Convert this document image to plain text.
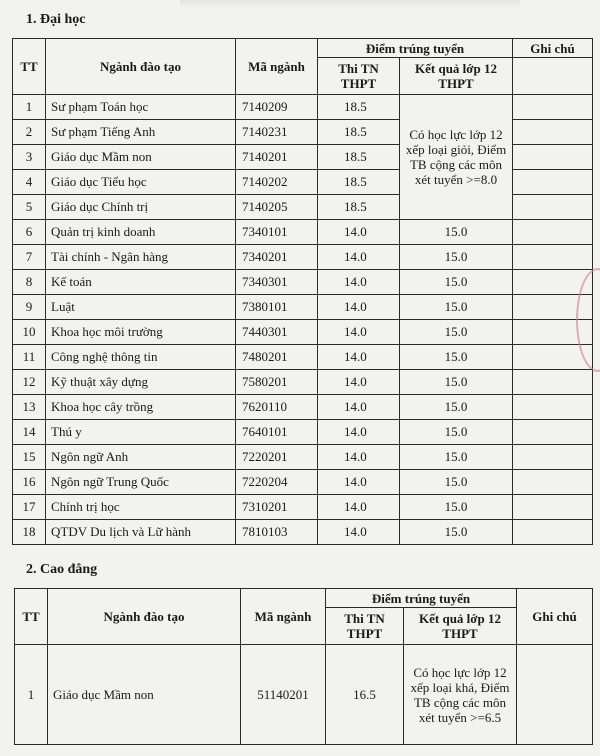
1. Đại học
TT	Ngành đào tạo	Mã ngành	Điểm trúng tuyển		Ghi chú
			Thi TN THPT	Kết quả lớp 12 THPT	
1	Sư phạm Toán học	7140209	18.5	Có học lực lớp 12 xếp loại giỏi, Điểm TB cộng các môn xét tuyển >=8.0	
2	Sư phạm Tiếng Anh	7140231	18.5		
3	Giáo dục Mầm non	7140201	18.5		
4	Giáo dục Tiểu học	7140202	18.5		
5	Giáo dục Chính trị	7140205	18.5		
6	Quản trị kinh doanh	7340101	14.0	15.0	
7	Tài chính - Ngân hàng	7340201	14.0	15.0	
8	Kế toán	7340301	14.0	15.0	
9	Luật	7380101	14.0	15.0	
10	Khoa học môi trường	7440301	14.0	15.0	
11	Công nghệ thông tin	7480201	14.0	15.0	
12	Kỹ thuật xây dựng	7580201	14.0	15.0	
13	Khoa học cây trồng	7620110	14.0	15.0	
14	Thú y	7640101	14.0	15.0	
15	Ngôn ngữ Anh	7220201	14.0	15.0	
16	Ngôn ngữ Trung Quốc	7220204	14.0	15.0	
17	Chính trị học	7310201	14.0	15.0	
18	QTDV Du lịch và Lữ hành	7810103	14.0	15.0	
2. Cao đẳng
TT	Ngành đào tạo	Mã ngành	Điểm trúng tuyển		Ghi chú
			Thi TN THPT	Kết quả lớp 12 THPT	
1	Giáo dục Mầm non	51140201	16.5	Có học lực lớp 12 xếp loại khá, Điểm TB cộng các môn xét tuyển >=6.5	
